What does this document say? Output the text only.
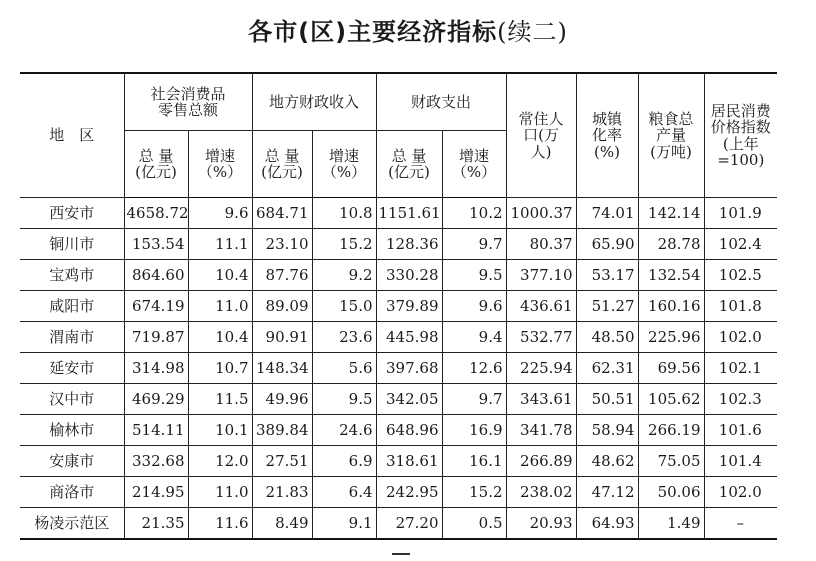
各市(区)主要经济指标(续二)
地　区	社会消费品零售总额		地方财政收入		财政支出		常住人口(万人)	城镇化率(%)	粮食总产量(万吨)	居民消费价格指数(上年=100)

	总 量(亿元)	增速（%）	总 量(亿元)	增速（%）	总 量(亿元)	增速（%）				

西安市	4658.72	9.6	684.71	10.8	1151.61	10.2	1000.37	74.01	142.14	101.9
铜川市	153.54	11.1	23.10	15.2	128.36	9.7	80.37	65.90	28.78	102.4
宝鸡市	864.60	10.4	87.76	9.2	330.28	9.5	377.10	53.17	132.54	102.5
咸阳市	674.19	11.0	89.09	15.0	379.89	9.6	436.61	51.27	160.16	101.8
渭南市	719.87	10.4	90.91	23.6	445.98	9.4	532.77	48.50	225.96	102.0
延安市	314.98	10.7	148.34	5.6	397.68	12.6	225.94	62.31	69.56	102.1
汉中市	469.29	11.5	49.96	9.5	342.05	9.7	343.61	50.51	105.62	102.3
榆林市	514.11	10.1	389.84	24.6	648.96	16.9	341.78	58.94	266.19	101.6
安康市	332.68	12.0	27.51	6.9	318.61	16.1	266.89	48.62	75.05	101.4
商洛市	214.95	11.0	21.83	6.4	242.95	15.2	238.02	47.12	50.06	102.0
杨凌示范区	21.35	11.6	8.49	9.1	27.20	0.5	20.93	64.93	1.49	–
